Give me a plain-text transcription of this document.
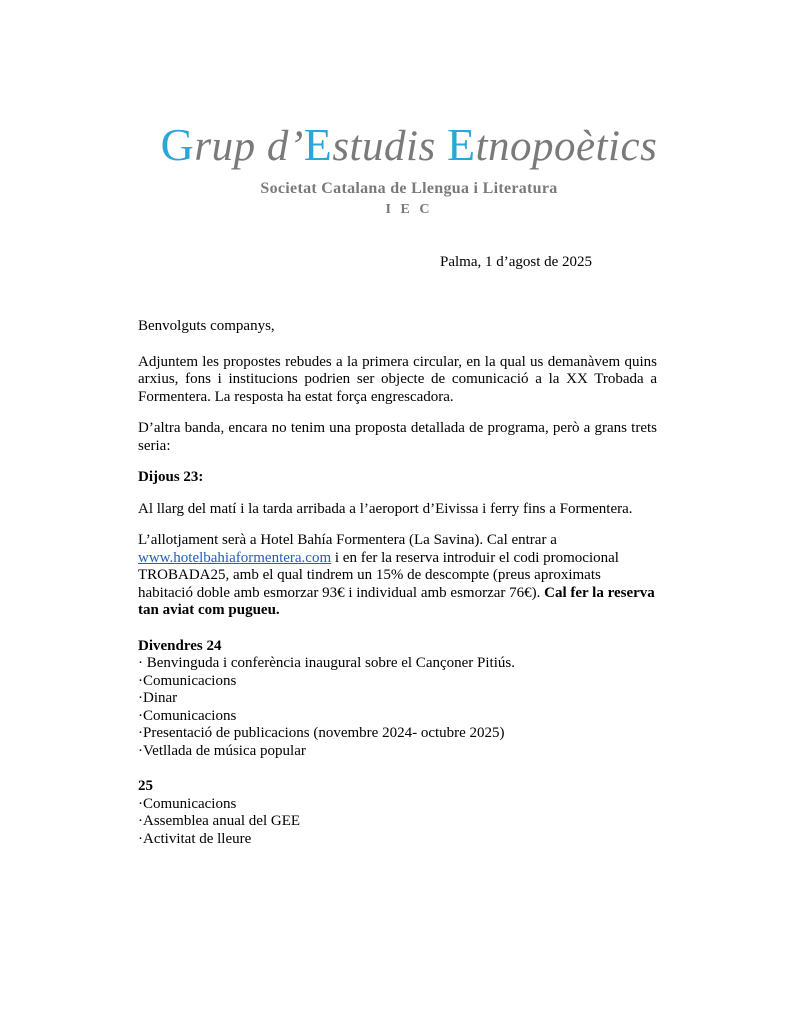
Grup d’Estudis Etnopoètics
Societat Catalana de Llengua i Literatura
I E C
Palma, 1 d’agost de 2025

Benvolguts companys,

Adjuntem les propostes rebudes a la primera circular, en la qual us demanàvem quins arxius, fons i institucions podrien ser objecte de comunicació a la XX Trobada a Formentera. La resposta ha estat força engrescadora.

D’altra banda, encara no tenim una proposta detallada de programa, però a grans trets seria:

Dijous 23:

Al llarg del matí i la tarda arribada a l’aeroport d’Eivissa i ferry fins a Formentera.

L’allotjament serà a Hotel Bahía Formentera (La Savina). Cal entrar a
www.hotelbahiaformentera.com i en fer la reserva introduir el codi promocional TROBADA25, amb el qual tindrem un 15% de descompte (preus aproximats habitació doble amb esmorzar 93€ i individual amb esmorzar 76€). Cal fer la reserva tan aviat com pugueu.

Divendres 24

· Benvinguda i conferència inaugural sobre el Cançoner Pitiús.
·Comunicacions
·Dinar
·Comunicacions
·Presentació de publicacions (novembre 2024- octubre 2025)
·Vetllada de música popular

25

·Comunicacions
·Assemblea anual del GEE
·Activitat de lleure
